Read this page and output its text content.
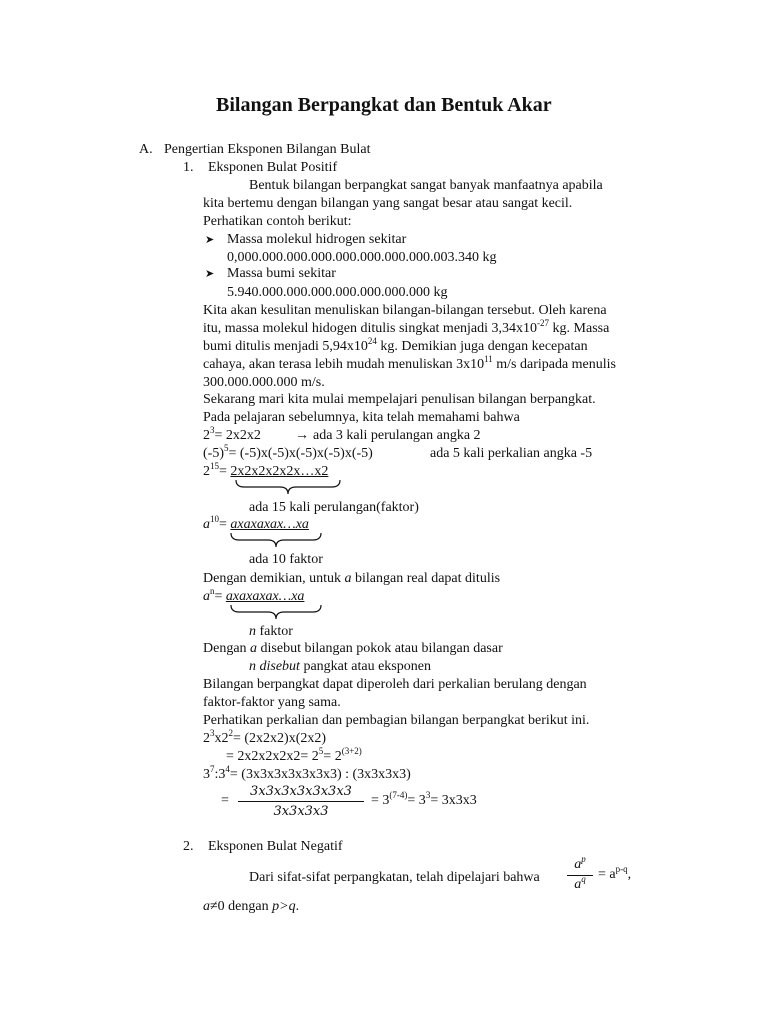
Bilangan Berpangkat dan Bentuk Akar
A. Pengertian Eksponen Bilangan Bulat
1. Eksponen Bulat Positif
Bentuk bilangan berpangkat sangat banyak manfaatnya apabila
kita bertemu dengan bilangan yang sangat besar atau sangat kecil.
Perhatikan contoh berikut:
➤ Massa molekul hidrogen sekitar
0,000.000.000.000.000.000.000.000.003.340 kg
➤ Massa bumi sekitar
5.940.000.000.000.000.000.000.000 kg
Kita akan kesulitan menuliskan bilangan-bilangan tersebut. Oleh karena
itu, massa molekul hidogen ditulis singkat menjadi $3,34x10^{-27}$ kg. Massa
bumi ditulis menjadi $5,94x10^{24}$ kg. Demikian juga dengan kecepatan
cahaya, akan terasa lebih mudah menuliskan $3x10^{11}$ m/s daripada menulis
300.000.000.000 m/s.
Sekarang mari kita mulai mempelajari penulisan bilangan berpangkat.
Pada pelajaran sebelumnya, kita telah memahami bahwa
$2^3= 2x2x2$ → ada 3 kali perulangan angka 2
$(-5)^5= (-5)x(-5)x(-5)x(-5)x(-5)$	ada 5 kali perkalian angka -5
$2^{15}=$ 2x2x2x2x2x…x2
ada 15 kali perulangan(faktor)
$a^{10}=$ axaxaxax…xa
ada 10 faktor
Dengan demikian, untuk a bilangan real dapat ditulis
$a^n=$ axaxaxax…xa
n faktor
Dengan a disebut bilangan pokok atau bilangan dasar
n disebut pangkat atau eksponen
Bilangan berpangkat dapat diperoleh dari perkalian berulang dengan
faktor-faktor yang sama.
Perhatikan perkalian dan pembagian bilangan berpangkat berikut ini.
$2^3x2^2= (2x2x2)x(2x2)$
= $2x2x2x2x2= 2^5= 2^{(3+2)}$
$3^7:3^4= (3x3x3x3x3x3x3)$ : (3x3x3x3)
=
3x3x3x3x3x3x3
3x3x3x3
= $3^{(7-4)}= 3^3= 3x3x3$
2. Eksponen Bulat Negatif
Dari sifat-sifat perpangkatan, telah dipelajari bahwa
$a^p$
$a^q = a^{p-q}$,
a≠0 dengan p>q.
